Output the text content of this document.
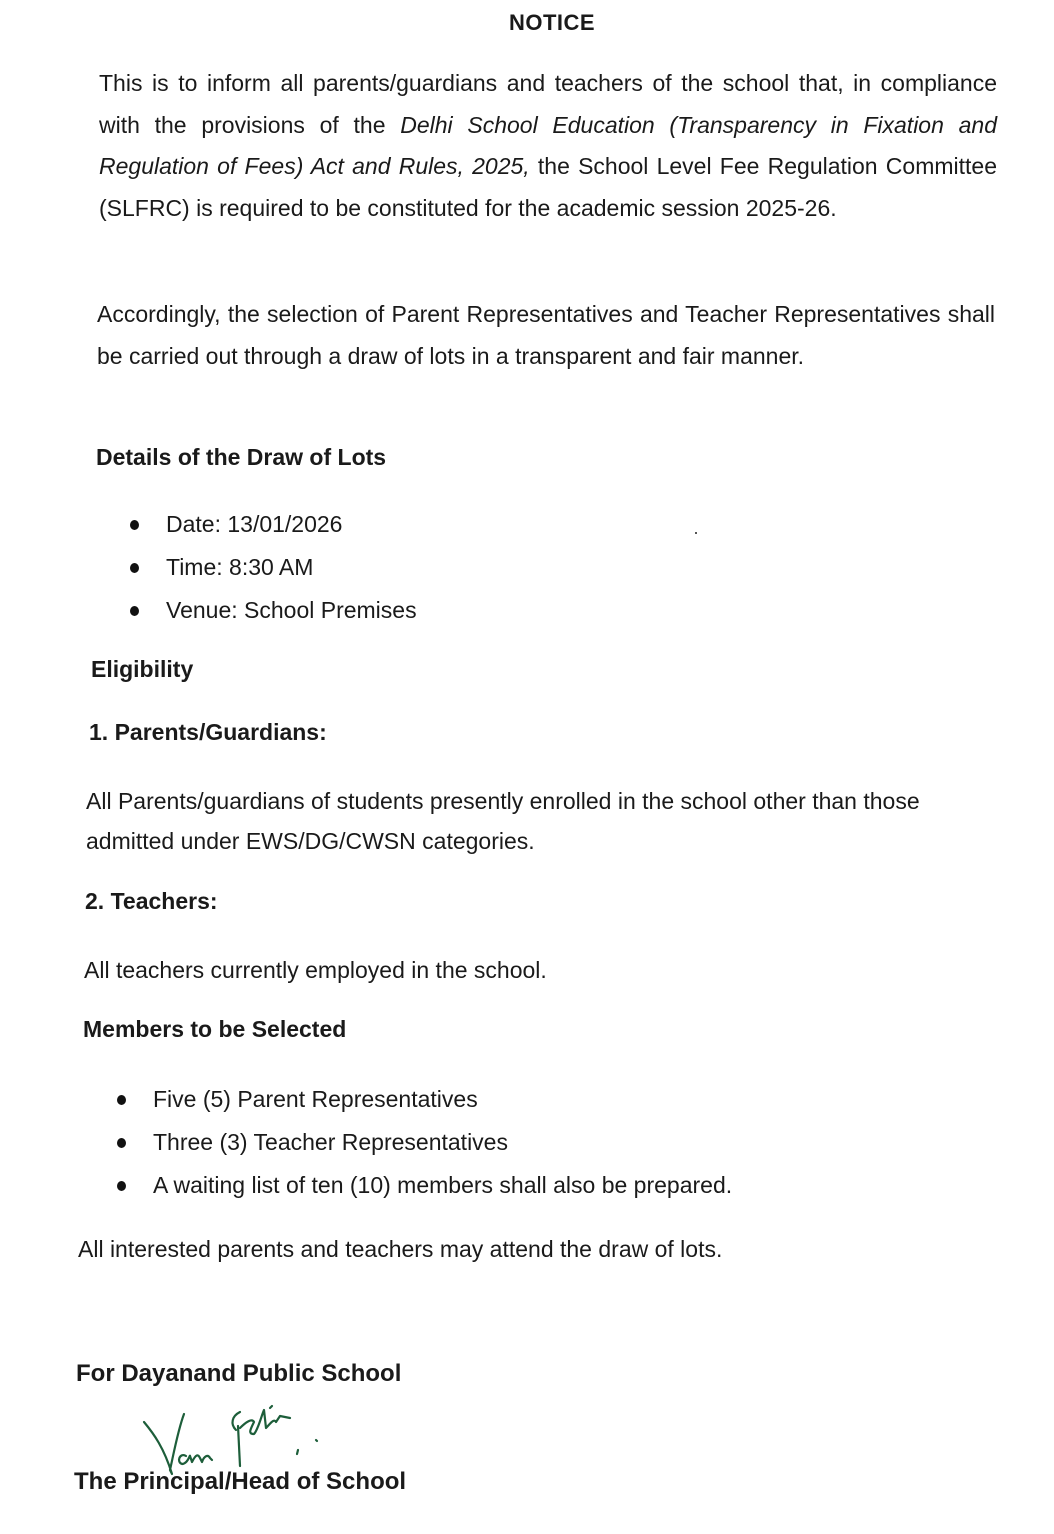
NOTICE
This is to inform all parents/guardians and teachers of the school that, in compliance with the provisions of the Delhi School Education (Transparency in Fixation and Regulation of Fees) Act and Rules, 2025, the School Level Fee Regulation Committee (SLFRC) is required to be constituted for the academic session 2025-26.
Accordingly, the selection of Parent Representatives and Teacher Representatives shall be carried out through a draw of lots in a transparent and fair manner.
Details of the Draw of Lots
Date: 13/01/2026
Time: 8:30 AM
Venue: School Premises
Eligibility
1. Parents/Guardians:
All Parents/guardians of students presently enrolled in the school other than those admitted under EWS/DG/CWSN categories.
2. Teachers:
All teachers currently employed in the school.
Members to be Selected
Five (5) Parent Representatives
Three (3) Teacher Representatives
A waiting list of ten (10) members shall also be prepared.
All interested parents and teachers may attend the draw of lots.
For Dayanand Public School
The Principal/Head of School
